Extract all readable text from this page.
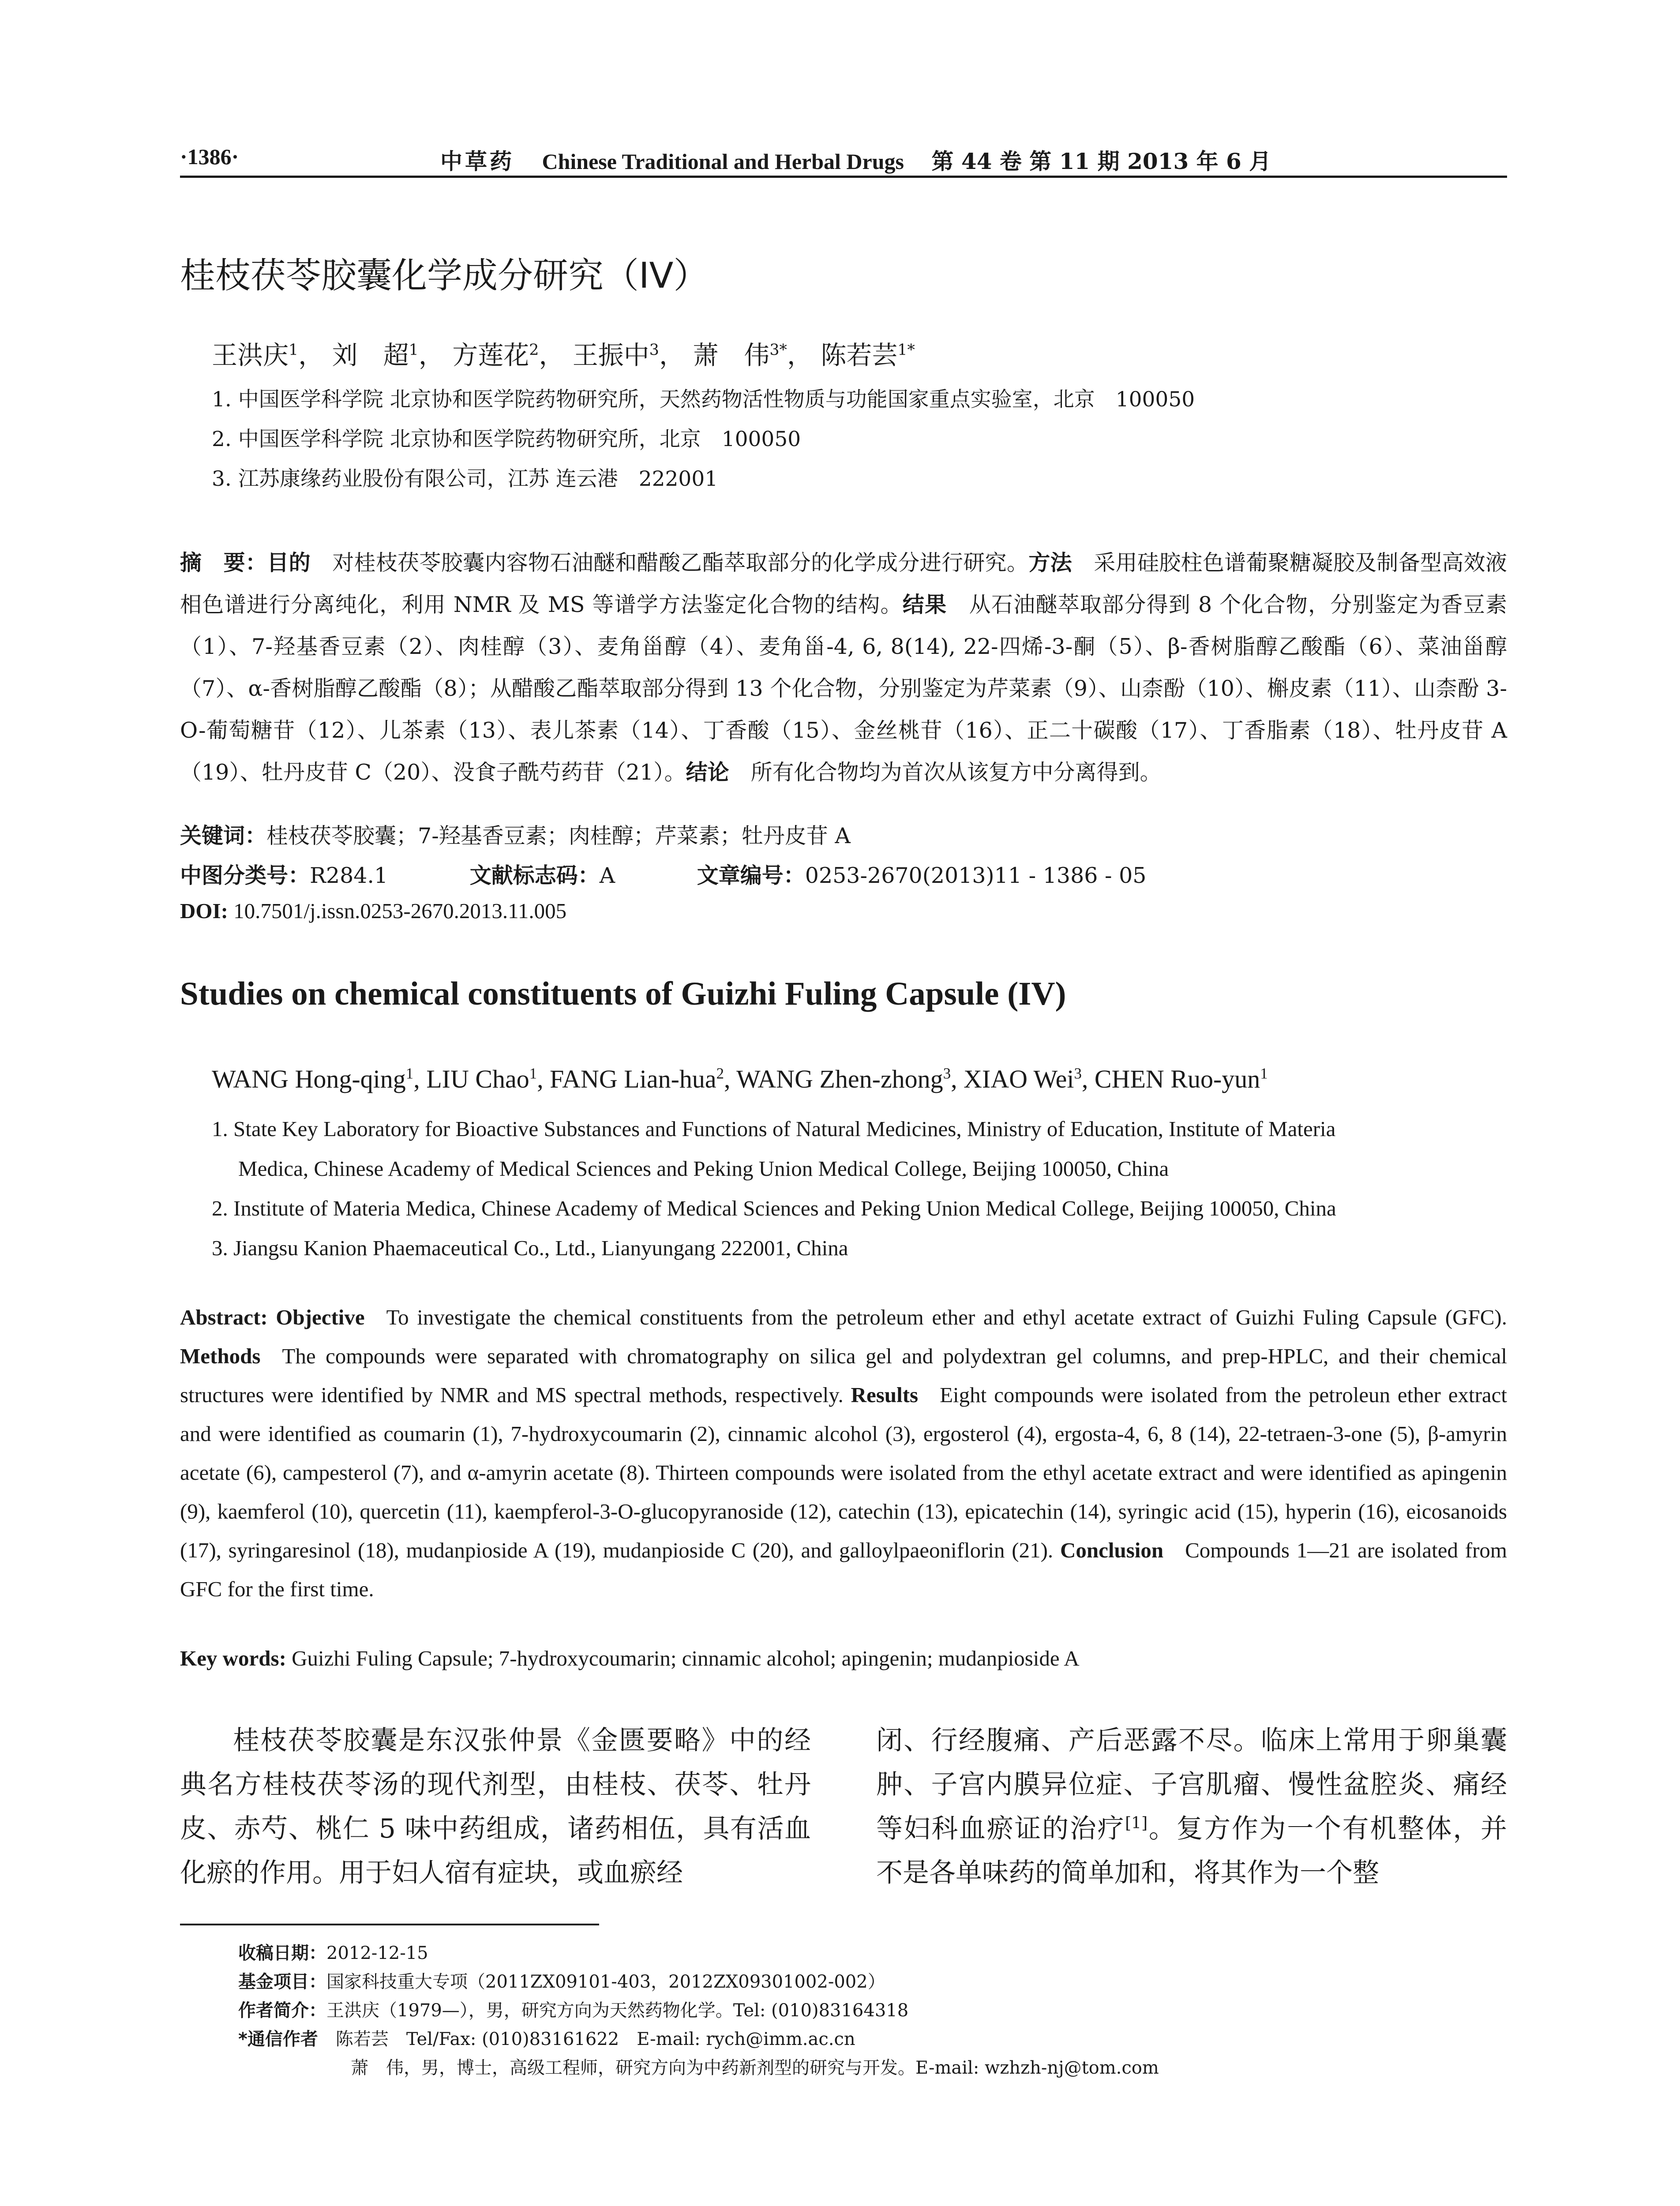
·1386·	中草药  Chinese Traditional and Herbal Drugs  第 44 卷 第 11 期 2013 年 6 月
桂枝茯苓胶囊化学成分研究（IV）
王洪庆$^1$， 刘　超$^1$， 方莲花$^2$， 王振中$^3$， 萧　伟$^{3*}$， 陈若芸$^{1*}$
1. 中国医学科学院 北京协和医学院药物研究所，天然药物活性物质与功能国家重点实验室，北京　100050
2. 中国医学科学院 北京协和医学院药物研究所，北京　100050
3. 江苏康缘药业股份有限公司，江苏 连云港　222001

摘　要：目的　 对桂枝茯苓胶囊内容物石油醚和醋酸乙酯萃取部分的化学成分进行研究。方法　 采用硅胶柱色谱葡聚糖凝胶及制备型高效液相色谱进行分离纯化，利用 NMR 及 MS 等谱学方法鉴定化合物的结构。结果　 从石油醚萃取部分得到 8 个化合物，分别鉴定为香豆素（1）、7-羟基香豆素（2）、肉桂醇（3）、麦角甾醇（4）、麦角甾-4, 6, 8(14), 22-四烯-3-酮（5）、β-香树脂醇乙酸酯（6）、菜油甾醇（7）、α-香树脂醇乙酸酯（8）；从醋酸乙酯萃取部分得到 13 个化合物，分别鉴定为芹菜素（9）、山柰酚（10）、槲皮素（11）、山柰酚 3-O-葡萄糖苷（12）、儿茶素（13）、表儿茶素（14）、丁香酸（15）、金丝桃苷（16）、正二十碳酸（17）、丁香脂素（18）、牡丹皮苷 A（19）、牡丹皮苷 C（20）、没食子酰芍药苷（21）。结论　 所有化合物均为首次从该复方中分离得到。

关键词：桂枝茯苓胶囊；7-羟基香豆素；肉桂醇；芹菜素；牡丹皮苷 A
中图分类号：R284.1	文献标志码：A	文章编号：0253-2670(2013)11 - 1386 - 05
DOI: 10.7501/j.issn.0253-2670.2013.11.005
Studies on chemical constituents of Guizhi Fuling Capsule (IV)
WANG Hong-qing$^1$, LIU Chao$^1$, FANG Lian-hua$^2$, WANG Zhen-zhong$^3$, XIAO Wei$^3$, CHEN Ruo-yun$^1$
1. State Key Laboratory for Bioactive Substances and Functions of Natural Medicines, Ministry of Education, Institute of Materia
Medica, Chinese Academy of Medical Sciences and Peking Union Medical College, Beijing 100050, China
2. Institute of Materia Medica, Chinese Academy of Medical Sciences and Peking Union Medical College, Beijing 100050, China
3. Jiangsu Kanion Phaemaceutical Co., Ltd., Lianyungang 222001, China

Abstract: Objective  To investigate the chemical constituents from the petroleum ether and ethyl acetate extract of Guizhi Fuling Capsule (GFC). Methods  The compounds were separated with chromatography on silica gel and polydextran gel columns, and prep-HPLC, and their chemical structures were identified by NMR and MS spectral methods, respectively. Results  Eight compounds were isolated from the petroleun ether extract and were identified as coumarin (1), 7-hydroxycoumarin (2), cinnamic alcohol (3), ergosterol (4), ergosta-4, 6, 8 (14), 22-tetraen-3-one (5), β-amyrin acetate (6), campesterol (7), and α-amyrin acetate (8). Thirteen compounds were isolated from the ethyl acetate extract and were identified as apingenin (9), kaemferol (10), quercetin (11), kaempferol-3-O-glucopyranoside (12), catechin (13), epicatechin (14), syringic acid (15), hyperin (16), eicosanoids (17), syringaresinol (18), mudanpioside A (19), mudanpioside C (20), and galloylpaeoniflorin (21). Conclusion  Compounds 1—21 are isolated from GFC for the first time.

Key words: Guizhi Fuling Capsule; 7-hydroxycoumarin; cinnamic alcohol; apingenin; mudanpioside A

桂枝茯苓胶囊是东汉张仲景《金匮要略》中的经典名方桂枝茯苓汤的现代剂型，由桂枝、茯苓、牡丹皮、赤芍、桃仁 5 味中药组成，诸药相伍，具有活血化瘀的作用。用于妇人宿有症块，或血瘀经

闭、行经腹痛、产后恶露不尽。临床上常用于卵巢囊肿、子宫内膜异位症、子宫肌瘤、慢性盆腔炎、痛经等妇科血瘀证的治疗[1]。复方作为一个有机整体，并不是各单味药的简单加和，将其作为一个整

收稿日期：2012-12-15
基金项目：国家科技重大专项（2011ZX09101-403，2012ZX09301002-002）
作者简介：王洪庆（1979—），男，研究方向为天然药物化学。Tel: (010)83164318
*通信作者　 陈若芸　Tel/Fax: (010)83161622　E-mail: rych@imm.ac.cn
萧　伟，男，博士，高级工程师，研究方向为中药新剂型的研究与开发。E-mail: wzhzh-nj@tom.com
